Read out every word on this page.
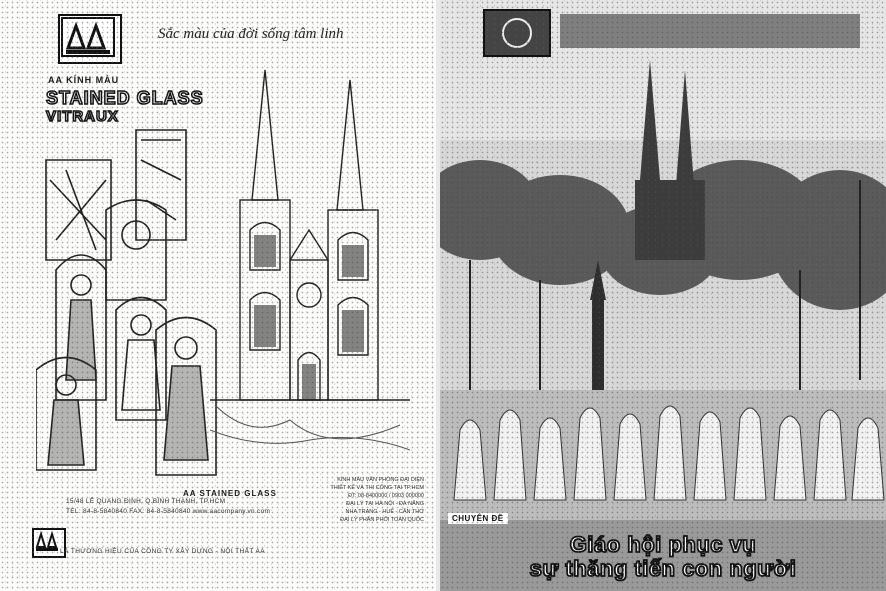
Sắc màu của đời sống tâm linh
AA KÍNH MÀU
STAINED GLASS
VITRAUX
AA STAINED GLASS
15/48 LÊ QUANG ĐỊNH, Q.BÌNH THẠNH, TP.HCM
TEL: 84-8-5840840 FAX: 84-8-5840840 www.aacompany.vn.com
KÍNH MÀU VĂN PHÒNG ĐẠI DIỆN
THIẾT KẾ VÀ THI CÔNG TẠI TP.HCM
ĐT: 08-8400000 / 0903 000000
ĐẠI LÝ TẠI HÀ NỘI - ĐÀ NẴNG
NHA TRANG - HUẾ - CẦN THƠ
ĐẠI LÝ PHÂN PHỐI TOÀN QUỐC
LÀ THƯƠNG HIỆU CỦA CÔNG TY XÂY DỰNG - NỘI THẤT AA
CHUYÊN ĐỀ
Giáo hội phục vụ
sự thăng tiến con người
